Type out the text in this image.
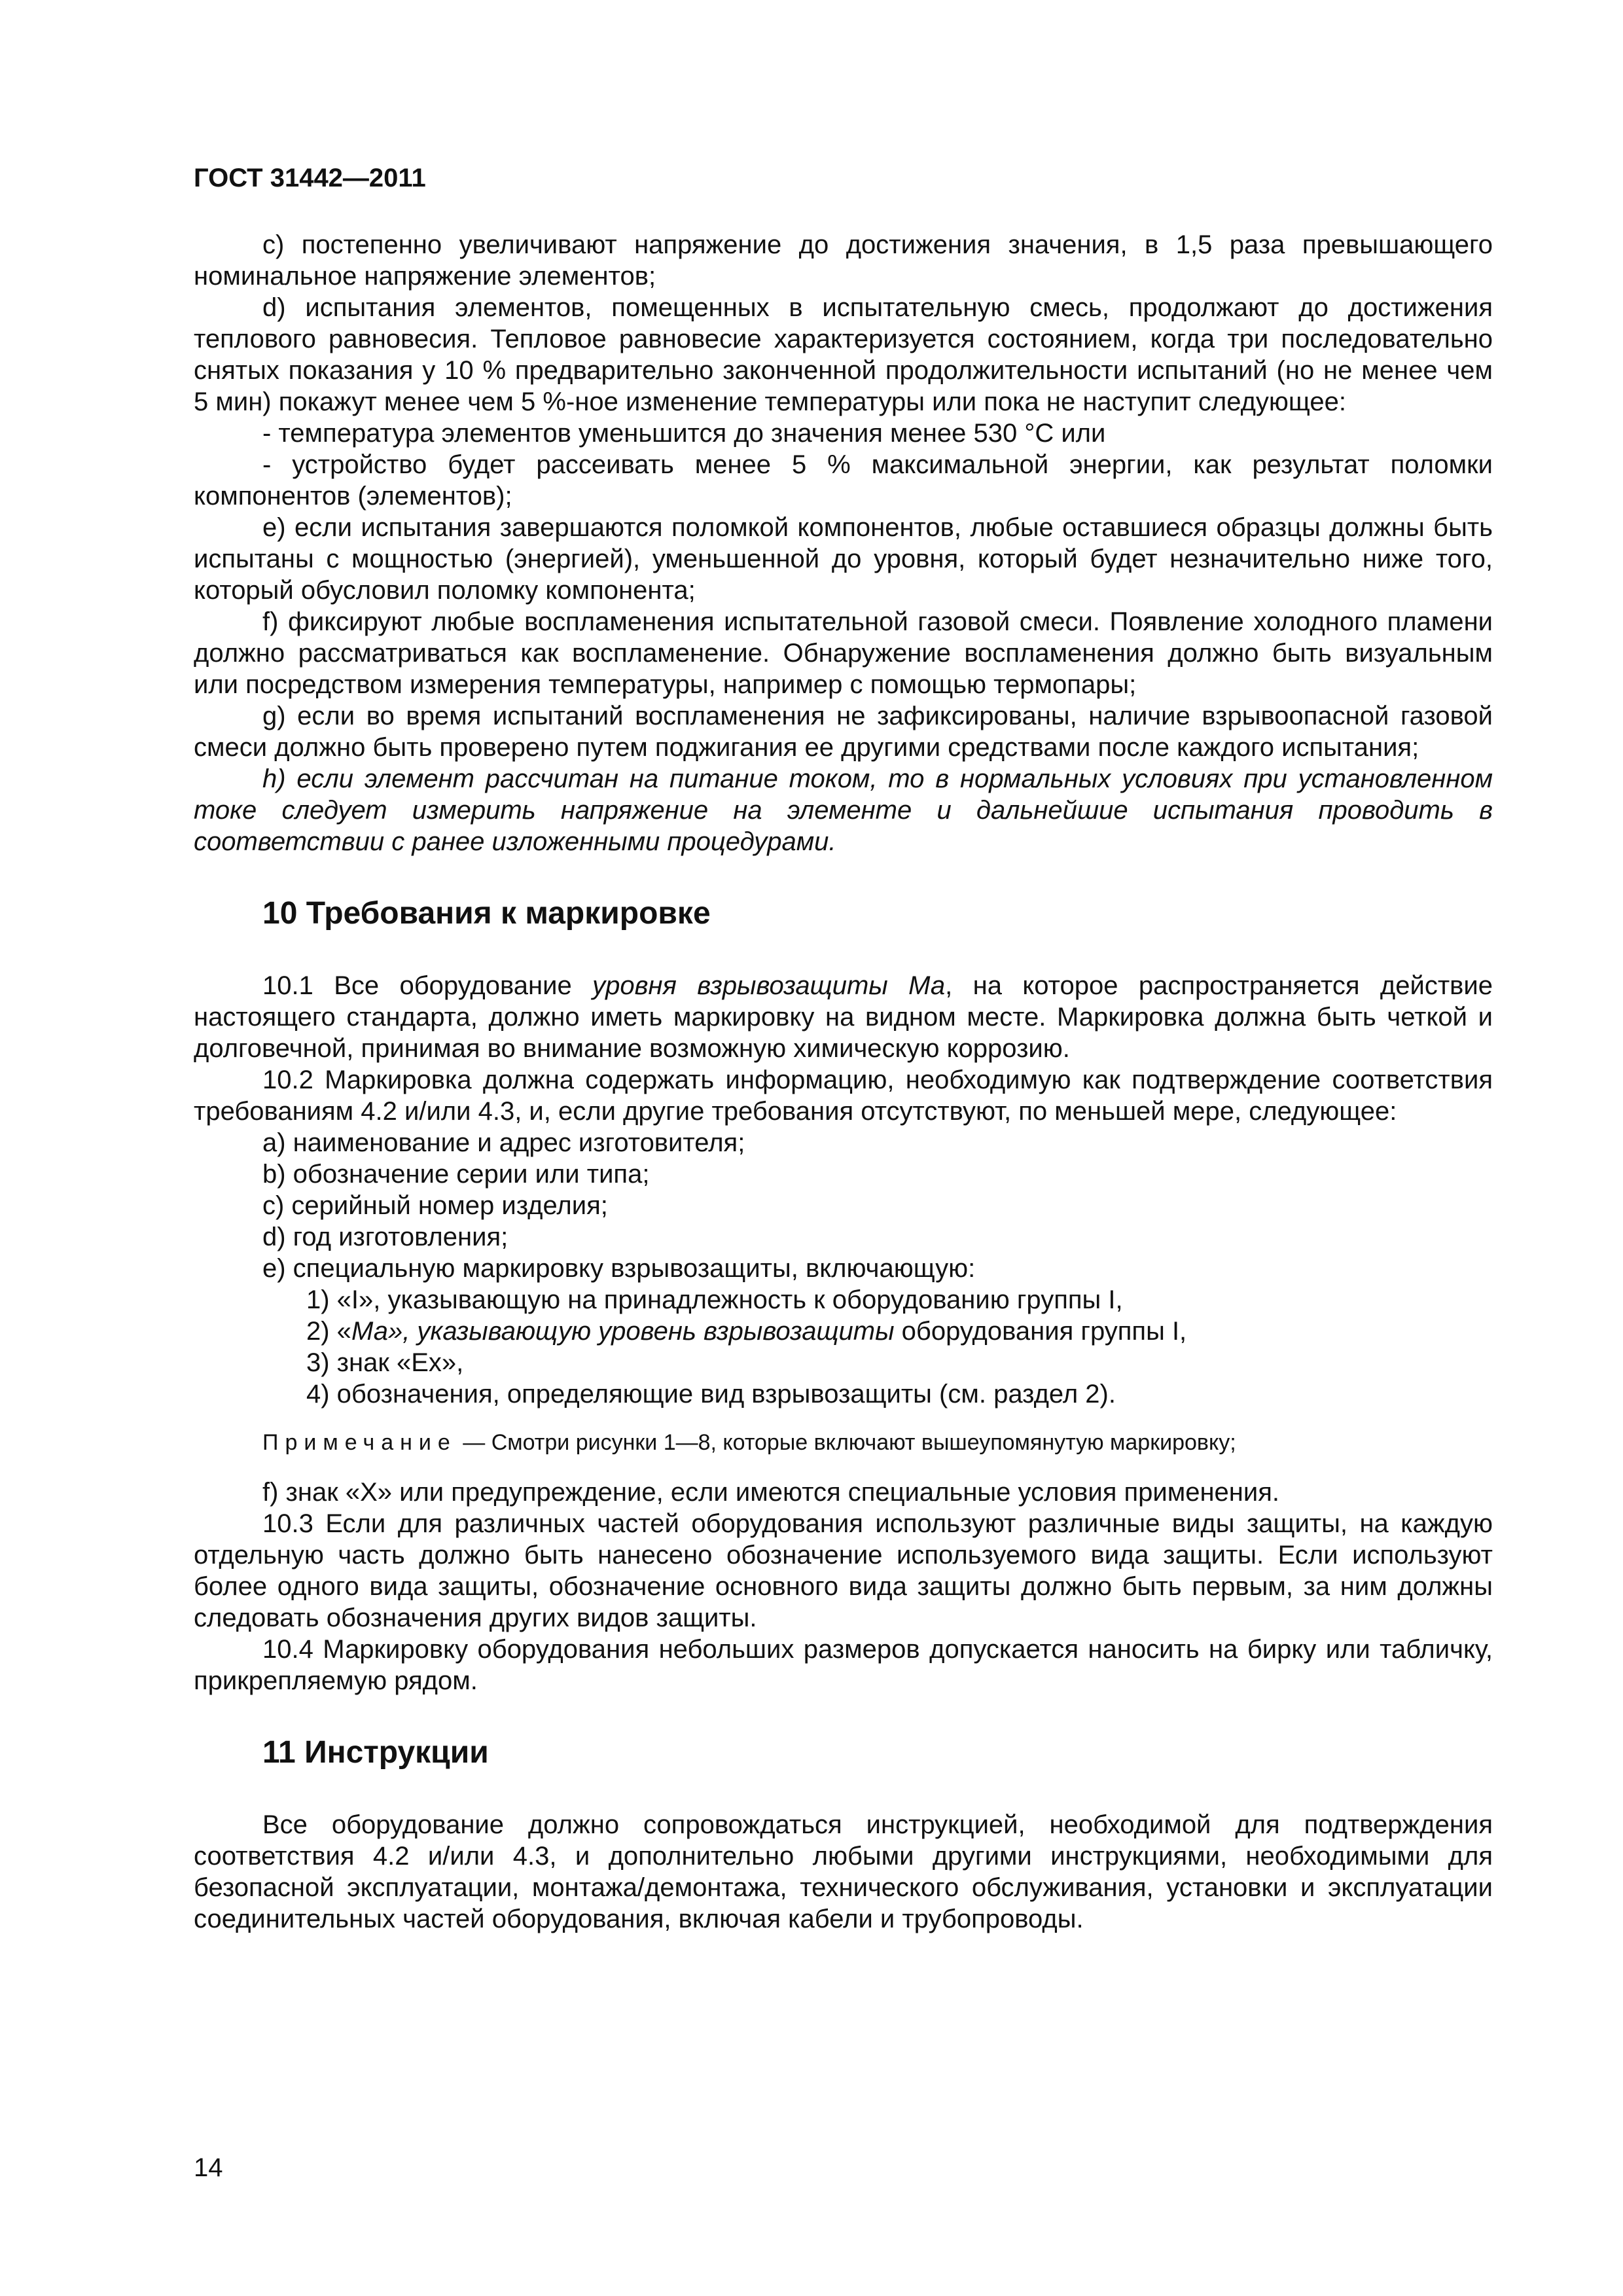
ГОСТ 31442—2011

c) постепенно увеличивают напряжение до достижения значения, в 1,5 раза превышающего номинальное напряжение элементов;

d) испытания элементов, помещенных в испытательную смесь, продолжают до достижения теплового равновесия. Тепловое равновесие характеризуется состоянием, когда три последовательно снятых показания у 10 % предварительно законченной продолжительности испытаний (но не менее чем 5 мин) покажут менее чем 5 %-ное изменение температуры или пока не наступит следующее:

- температура элементов уменьшится до значения менее 530 °C или

- устройство будет рассеивать менее 5 % максимальной энергии, как результат поломки компонентов (элементов);

e) если испытания завершаются поломкой компонентов, любые оставшиеся образцы должны быть испытаны с мощностью (энергией), уменьшенной до уровня, который будет незначительно ниже того, который обусловил поломку компонента;

f) фиксируют любые воспламенения испытательной газовой смеси. Появление холодного пламени должно рассматриваться как воспламенение. Обнаружение воспламенения должно быть визуальным или посредством измерения температуры, например с помощью термопары;

g) если во время испытаний воспламенения не зафиксированы, наличие взрывоопасной газовой смеси должно быть проверено путем поджигания ее другими средствами после каждого испытания;

h) если элемент рассчитан на питание током, то в нормальных условиях при установленном токе следует измерить напряжение на элементе и дальнейшие испытания проводить в соответствии с ранее изложенными процедурами.

10 Требования к маркировке

10.1 Все оборудование уровня взрывозащиты Ма, на которое распространяется действие настоящего стандарта, должно иметь маркировку на видном месте. Маркировка должна быть четкой и долговечной, принимая во внимание возможную химическую коррозию.

10.2 Маркировка должна содержать информацию, необходимую как подтверждение соответствия требованиям 4.2 и/или 4.3, и, если другие требования отсутствуют, по меньшей мере, следующее:

a) наименование и адрес изготовителя;

b) обозначение серии или типа;

c) серийный номер изделия;

d) год изготовления;

e) специальную маркировку взрывозащиты, включающую:

1) «I», указывающую на принадлежность к оборудованию группы I,

2) «Ма», указывающую уровень взрывозащиты оборудования группы I,

3) знак «Ex»,

4) обозначения, определяющие вид взрывозащиты (см. раздел 2).

Примечание — Смотри рисунки 1—8, которые включают вышеупомянутую маркировку;

f) знак «X» или предупреждение, если имеются специальные условия применения.

10.3 Если для различных частей оборудования используют различные виды защиты, на каждую отдельную часть должно быть нанесено обозначение используемого вида защиты. Если используют более одного вида защиты, обозначение основного вида защиты должно быть первым, за ним должны следовать обозначения других видов защиты.

10.4 Маркировку оборудования небольших размеров допускается наносить на бирку или табличку, прикрепляемую рядом.

11 Инструкции

Все оборудование должно сопровождаться инструкцией, необходимой для подтверждения соответствия 4.2 и/или 4.3, и дополнительно любыми другими инструкциями, необходимыми для безопасной эксплуатации, монтажа/демонтажа, технического обслуживания, установки и эксплуатации соединительных частей оборудования, включая кабели и трубопроводы.

14
